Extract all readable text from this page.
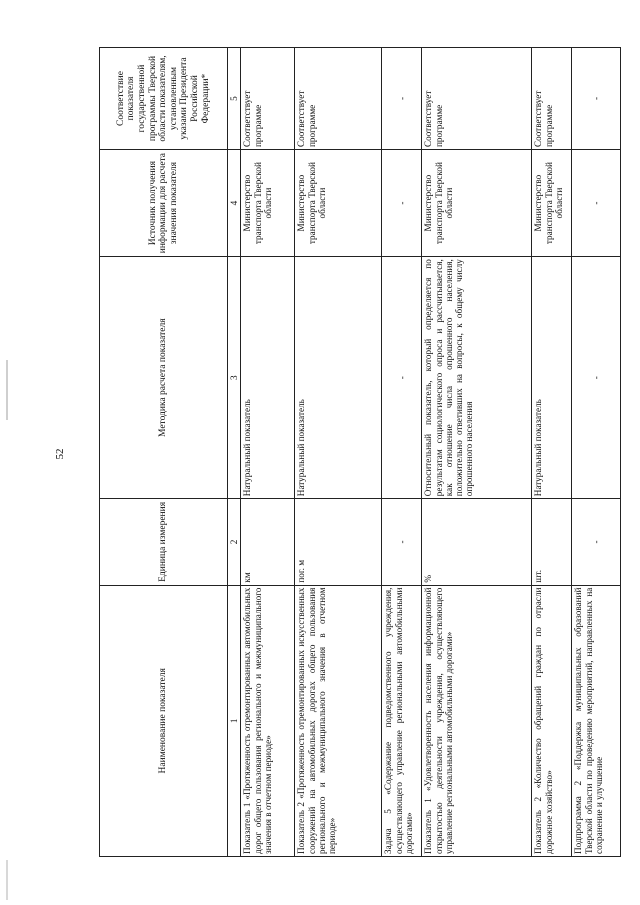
52
Наименование показателя	Единица измерения	Методика расчета показателя	Источник получения информации для расчета значения показателя	Соответствие показателя государственной программы Тверской области показателям, установленным указами Президента Российской Федерации*
1	2	3	4	5
Показатель 1 «Протяженность отремонтированных автомобильных дорог общего пользования регионального и межмуниципального значения в отчетном периоде»	км	Натуральный показатель	Министерство транспорта Тверской области	Соответствует программе
Показатель 2 «Протяженность отремонтированных искусственных сооружений на автомобильных дорогах общего пользования регионального и межмуниципального значения в отчетном периоде»	пог. м	Натуральный показатель	Министерство транспорта Тверской области	Соответствует программе
Задача 5 «Содержание подведомственного учреждения, осуществляющего управление региональными автомобильными дорогами»	-	-	-	-
Показатель 1 «Удовлетворенность населения информационной открытостью деятельности учреждения, осуществляющего управление региональными автомобильными дорогами»	%	Относительный показатель, который определяется по результатам социологического опроса и рассчитывается, как отношение числа опрошенного населения, положительно ответивших на вопросы, к общему числу опрошенного населения	Министерство транспорта Тверской области	Соответствует программе
Показатель 2 «Количество обращений граждан по отрасли дорожное хозяйство»	шт.	Натуральный показатель	Министерство транспорта Тверской области	Соответствует программе
Подпрограмма 2 «Поддержка муниципальных образований Тверской области по проведению мероприятий, направленных на сохранение и улучшение	-	-	-	-
